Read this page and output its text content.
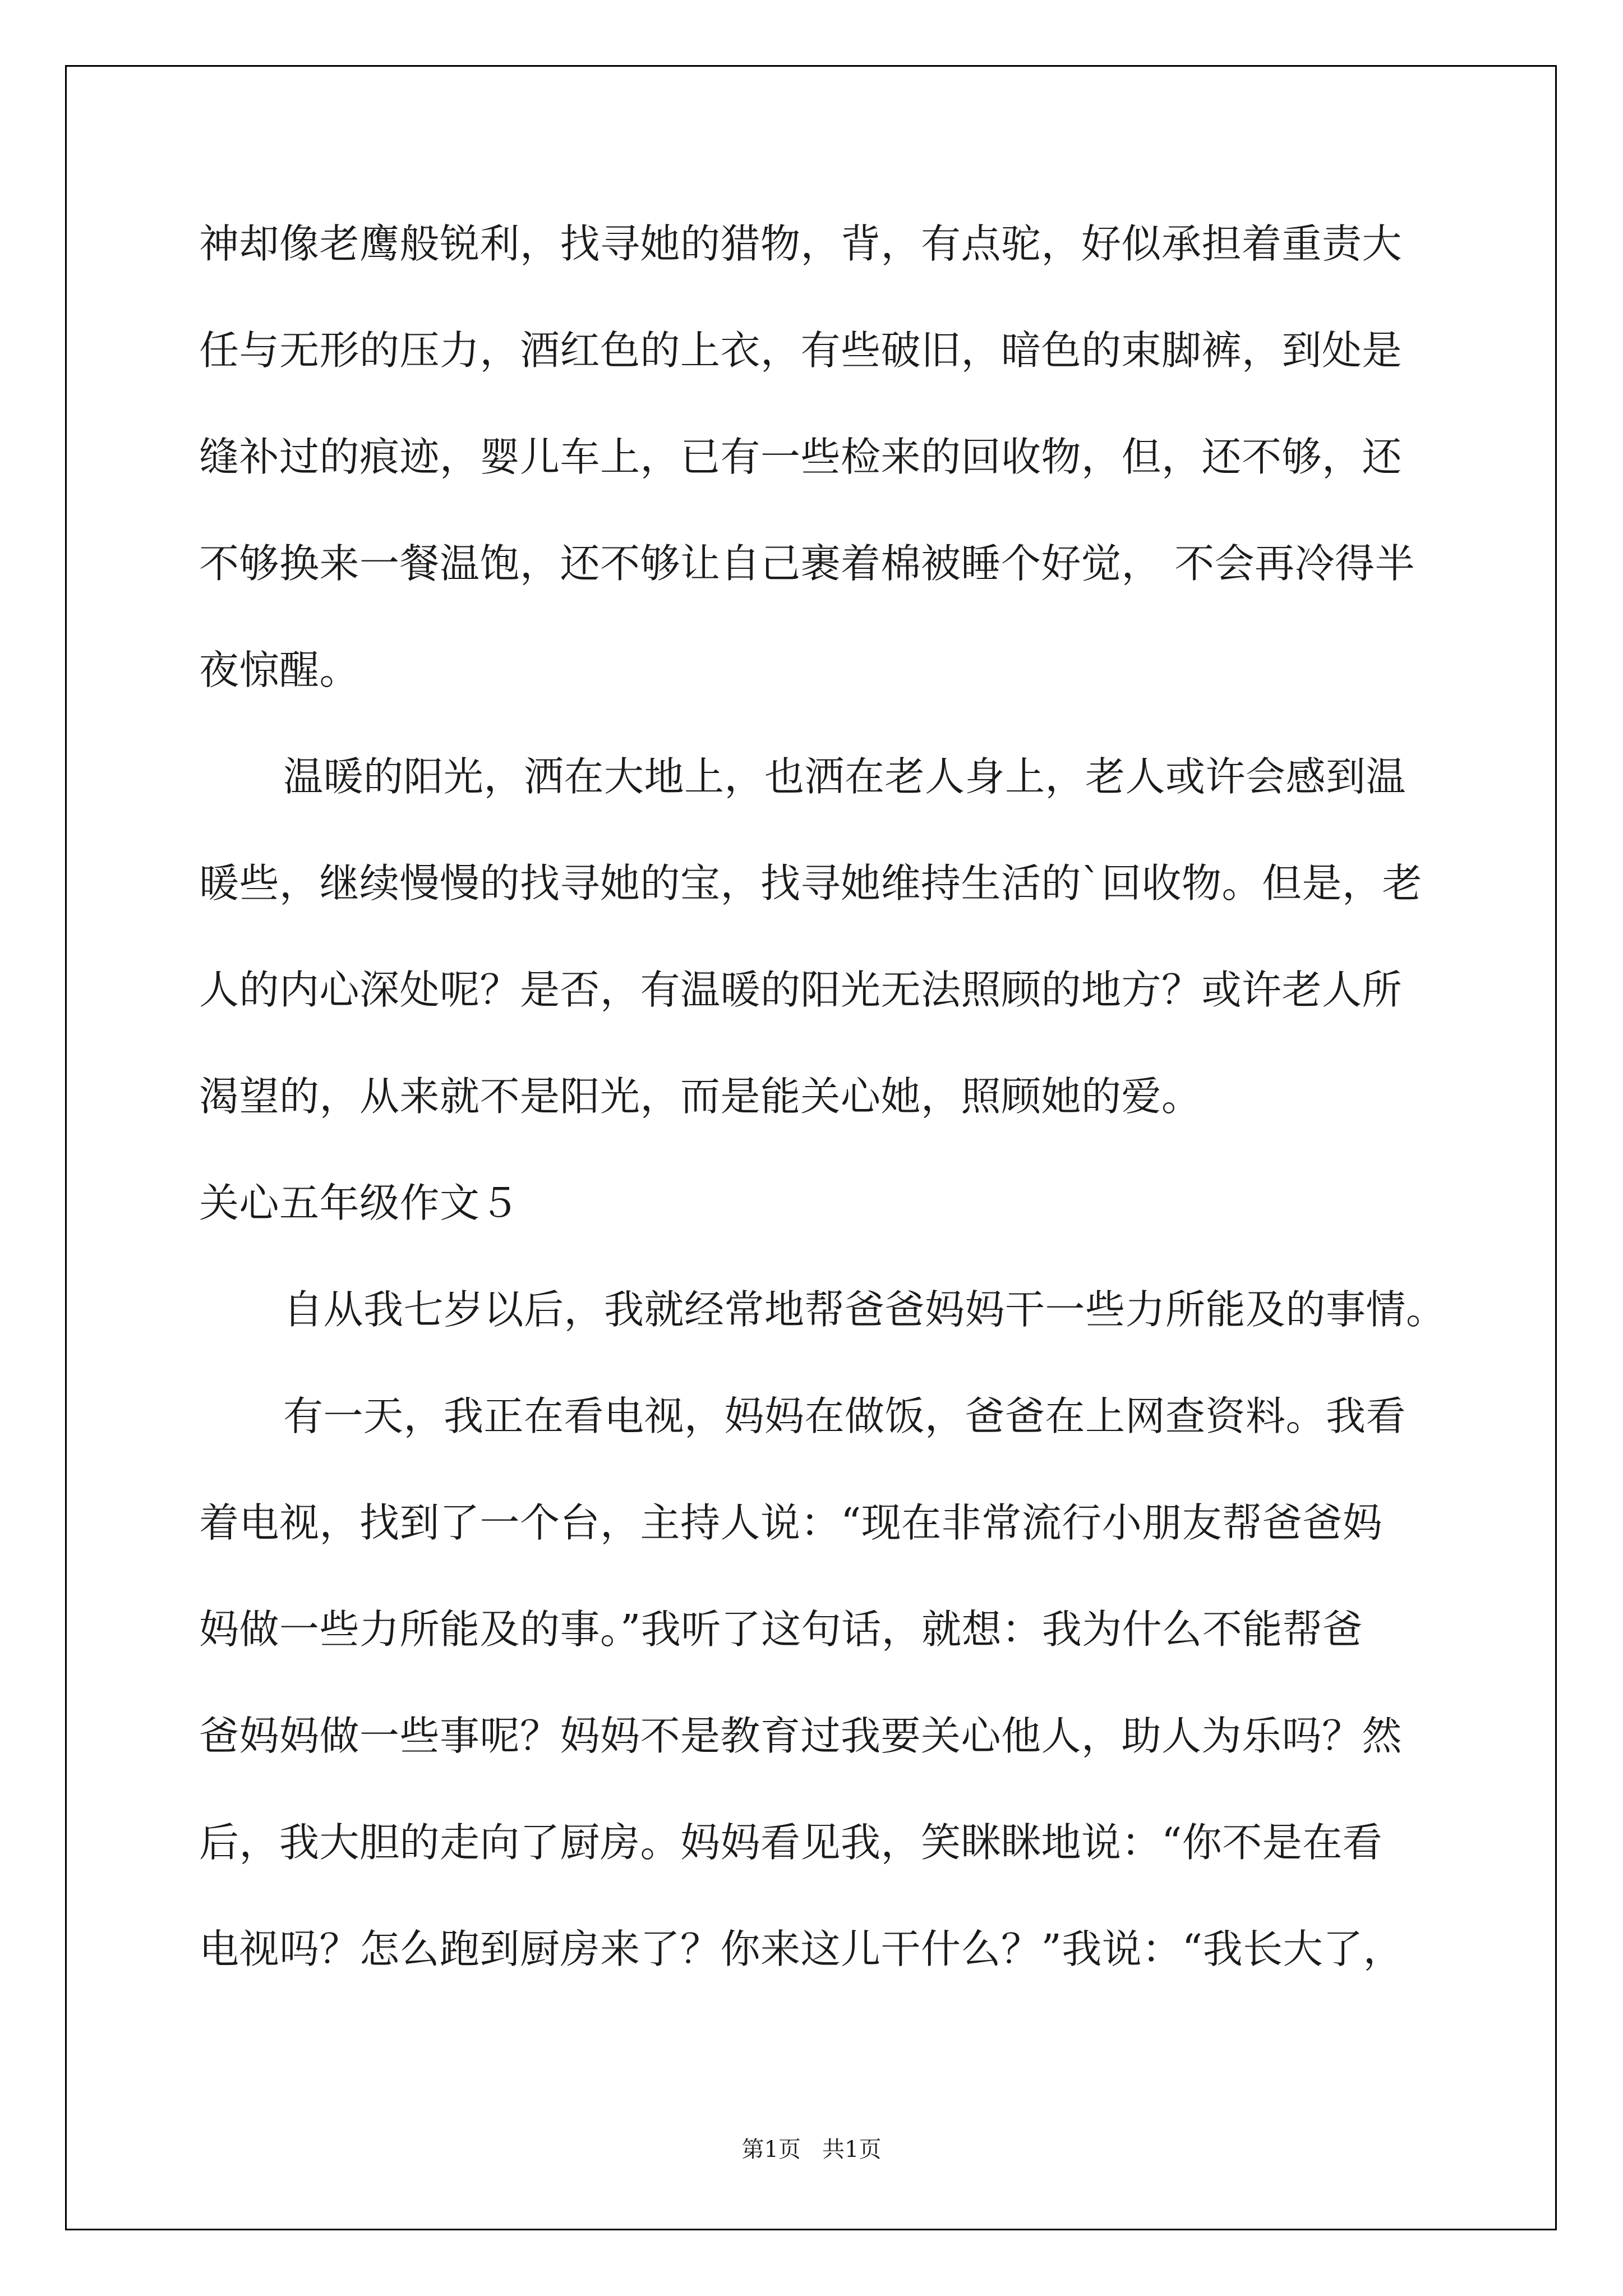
神却像老鹰般锐利，找寻她的猎物，背，有点驼，好似承担着重责大
任与无形的压力，酒红色的上衣，有些破旧，暗色的束脚裤，到处是
缝补过的痕迹，婴儿车上，已有一些检来的回收物，但，还不够，还
不够换来一餐温饱，还不够让自己裹着棉被睡个好觉， 不会再冷得半
夜惊醒。
温暖的阳光，洒在大地上，也洒在老人身上，老人或许会感到温
暖些，继续慢慢的找寻她的宝，找寻她维持生活的`回收物。但是，老
人的内心深处呢？是否，有温暖的阳光无法照顾的地方？或许老人所
渴望的，从来就不是阳光，而是能关心她，照顾她的爱。
关心五年级作文５
自从我七岁以后，我就经常地帮爸爸妈妈干一些力所能及的事情。
有一天，我正在看电视，妈妈在做饭，爸爸在上网查资料。我看
着电视，找到了一个台，主持人说：“现在非常流行小朋友帮爸爸妈
妈做一些力所能及的事。”我听了这句话，就想：我为什么不能帮爸
爸妈妈做一些事呢？妈妈不是教育过我要关心他人，助人为乐吗？然
后，我大胆的走向了厨房。妈妈看见我，笑眯眯地说：“你不是在看
电视吗？怎么跑到厨房来了？你来这儿干什么？”我说：“我长大了，
第1页   共1页
